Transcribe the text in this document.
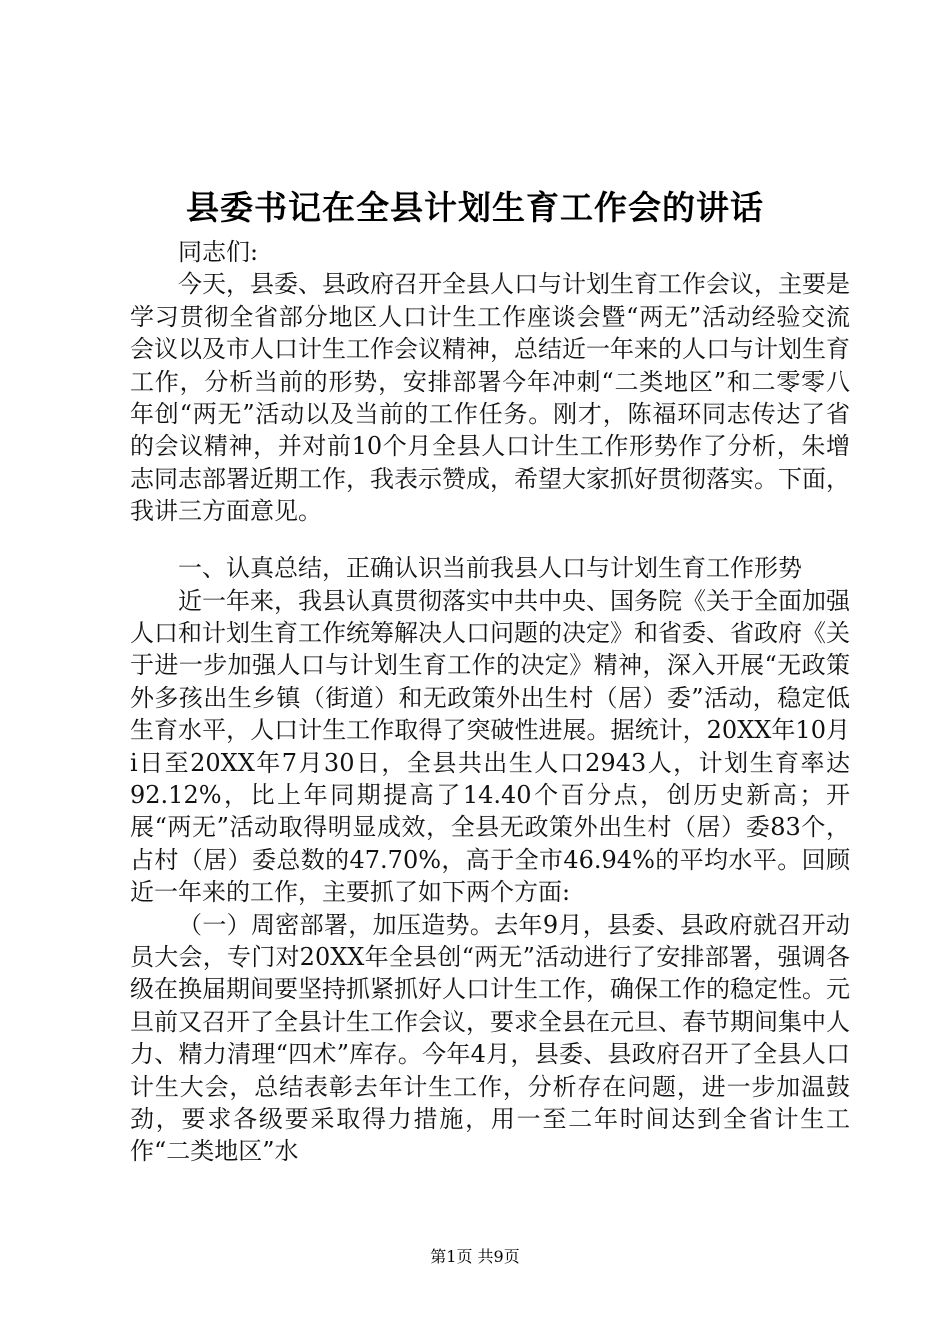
县委书记在全县计划生育工作会的讲话

同志们:

今天，县委、县政府召开全县人口与计划生育工作会议，主要是学习贯彻全省部分地区人口计生工作座谈会暨“两无”活动经验交流会议以及市人口计生工作会议精神，总结近一年来的人口与计划生育工作，分析当前的形势，安排部署今年冲刺“二类地区”和二零零八年创“两无”活动以及当前的工作任务。刚才，陈福环同志传达了省的会议精神，并对前10个月全县人口计生工作形势作了分析，朱增志同志部署近期工作，我表示赞成，希望大家抓好贯彻落实。下面，我讲三方面意见。

一、认真总结，正确认识当前我县人口与计划生育工作形势

近一年来，我县认真贯彻落实中共中央、国务院《关于全面加强人口和计划生育工作统筹解决人口问题的决定》和省委、省政府《关于进一步加强人口与计划生育工作的决定》精神，深入开展“无政策外多孩出生乡镇（街道）和无政策外出生村（居）委”活动，稳定低生育水平，人口计生工作取得了突破性进展。据统计，20XX年10月i日至20XX年7月30日，全县共出生人口2943人，计划生育率达92.12%，比上年同期提高了14.40个百分点，创历史新高；开展“两无”活动取得明显成效，全县无政策外出生村（居）委83个，占村（居）委总数的47.70%，高于全市46.94%的平均水平。回顾近一年来的工作，主要抓了如下两个方面:

（一）周密部署，加压造势。去年9月，县委、县政府就召开动员大会，专门对20XX年全县创“两无”活动进行了安排部署，强调各级在换届期间要坚持抓紧抓好人口计生工作，确保工作的稳定性。元旦前又召开了全县计生工作会议，要求全县在元旦、春节期间集中人力、精力清理“四术”库存。今年4月，县委、县政府召开了全县人口计生大会，总结表彰去年计生工作，分析存在问题，进一步加温鼓劲，要求各级要采取得力措施，用一至二年时间达到全省计生工作“二类地区”水

第1页 共9页
